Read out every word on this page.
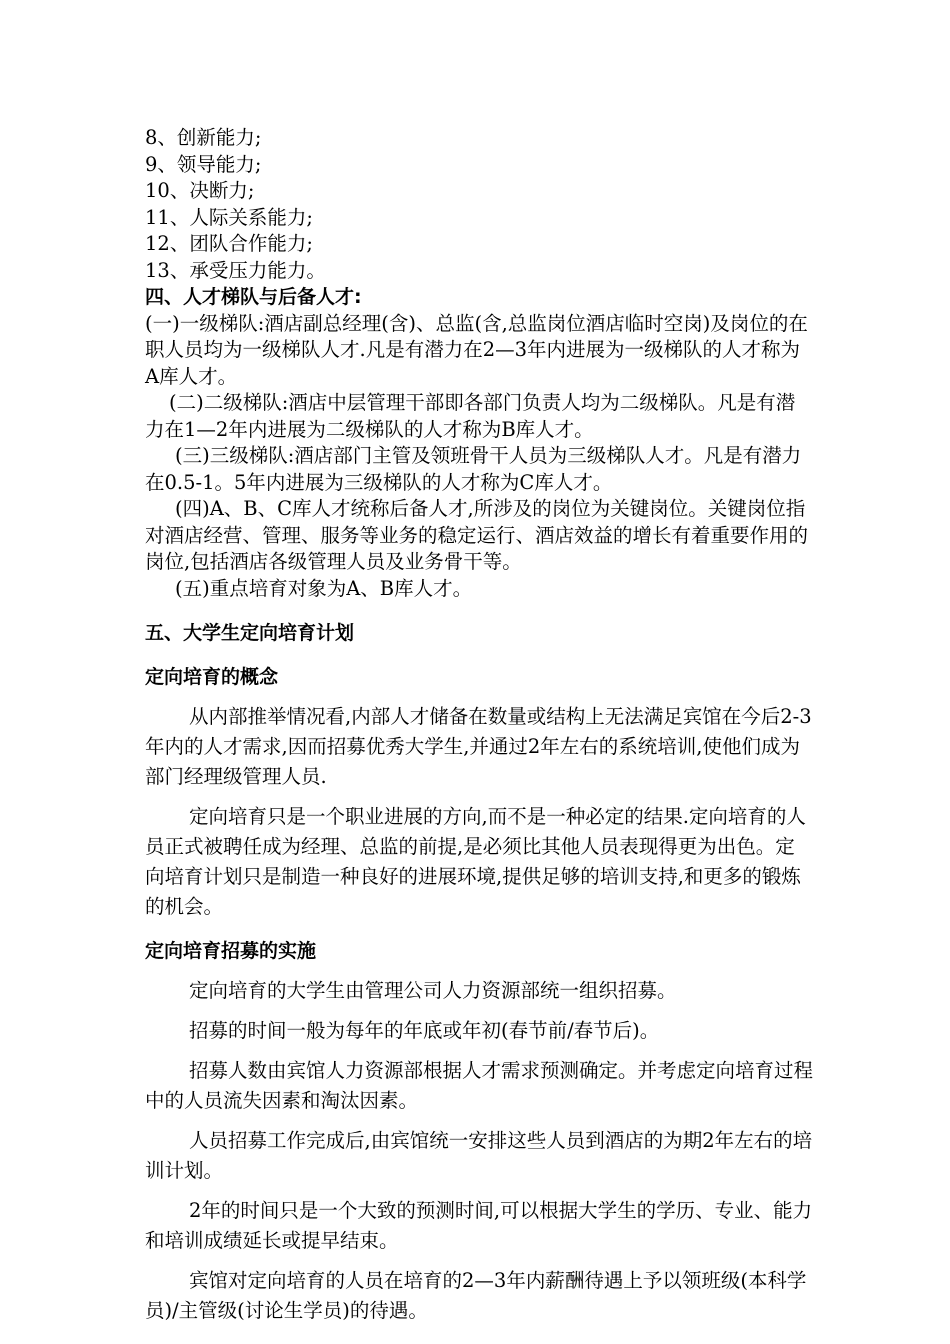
8、创新能力;

9、领导能力;

10、决断力;

11、人际关系能力;

12、团队合作能力;

13、承受压力能力。

四、人才梯队与后备人才:

(一)一级梯队:酒店副总经理(含)、总监(含,总监岗位酒店临时空岗)及岗位的在职人员均为一级梯队人才.凡是有潜力在2—3年内进展为一级梯队的人才称为A库人才。

(二)二级梯队:酒店中层管理干部即各部门负责人均为二级梯队。凡是有潜力在1—2年内进展为二级梯队的人才称为B库人才。

(三)三级梯队:酒店部门主管及领班骨干人员为三级梯队人才。凡是有潜力在0.5-1。5年内进展为三级梯队的人才称为C库人才。

(四)A、B、C库人才统称后备人才,所涉及的岗位为关键岗位。关键岗位指对酒店经营、管理、服务等业务的稳定运行、酒店效益的增长有着重要作用的岗位,包括酒店各级管理人员及业务骨干等。

(五)重点培育对象为A、B库人才。

五、大学生定向培育计划

定向培育的概念

从内部推举情况看,内部人才储备在数量或结构上无法满足宾馆在今后2-3年内的人才需求,因而招募优秀大学生,并通过2年左右的系统培训,使他们成为部门经理级管理人员.

定向培育只是一个职业进展的方向,而不是一种必定的结果.定向培育的人员正式被聘任成为经理、总监的前提,是必须比其他人员表现得更为出色。定向培育计划只是制造一种良好的进展环境,提供足够的培训支持,和更多的锻炼的机会。

定向培育招募的实施

定向培育的大学生由管理公司人力资源部统一组织招募。

招募的时间一般为每年的年底或年初(春节前/春节后)。

招募人数由宾馆人力资源部根据人才需求预测确定。并考虑定向培育过程中的人员流失因素和淘汰因素。

人员招募工作完成后,由宾馆统一安排这些人员到酒店的为期2年左右的培训计划。

2年的时间只是一个大致的预测时间,可以根据大学生的学历、专业、能力和培训成绩延长或提早结束。

宾馆对定向培育的人员在培育的2—3年内薪酬待遇上予以领班级(本科学员)/主管级(讨论生学员)的待遇。
